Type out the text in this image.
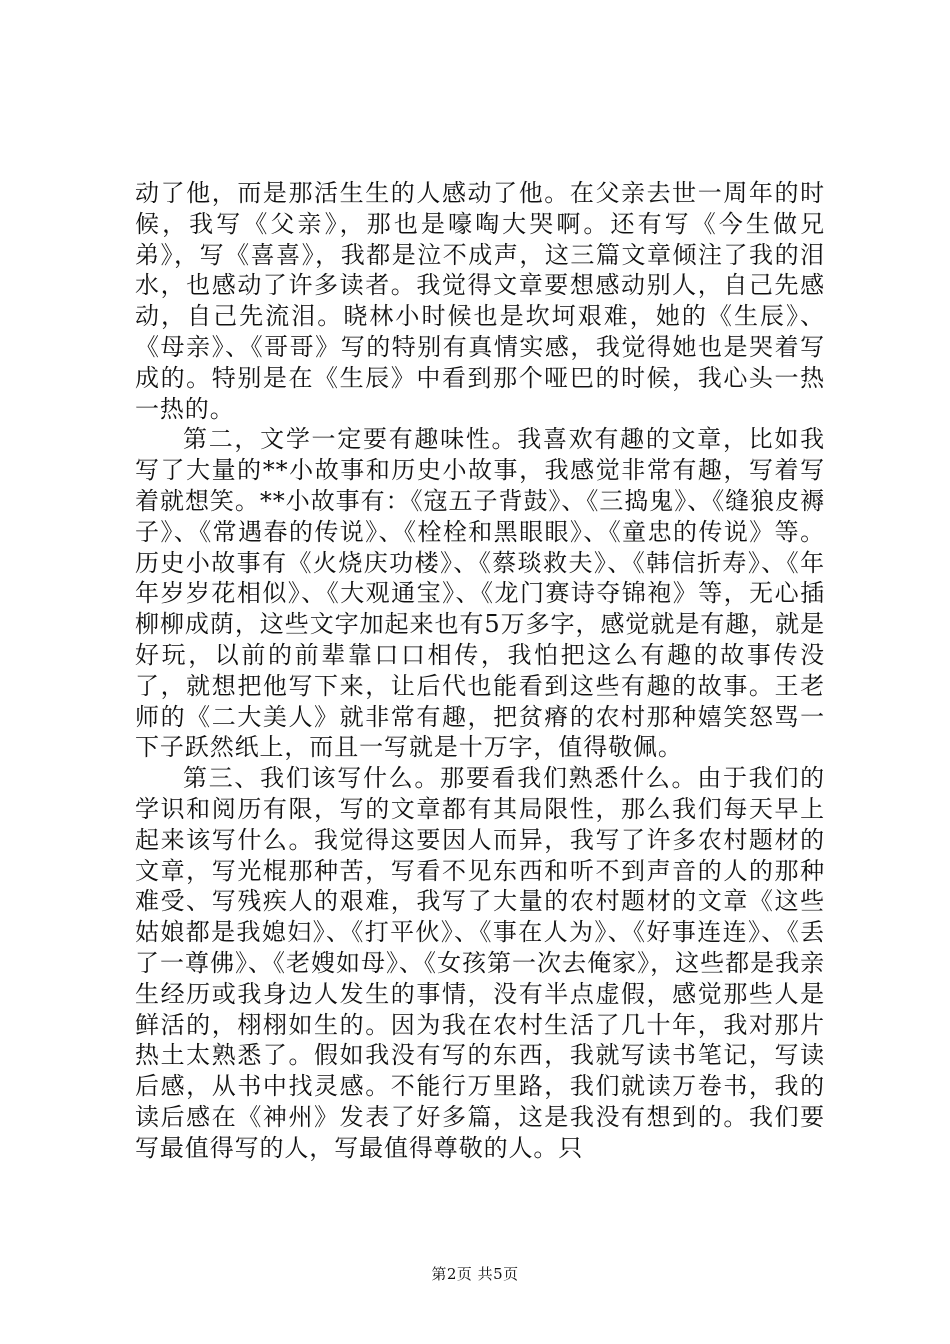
动了他，而是那活生生的人感动了他。在父亲去世一周年的时候，我写《父亲》，那也是嚎啕大哭啊。还有写《今生做兄弟》，写《喜喜》，我都是泣不成声，这三篇文章倾注了我的泪水，也感动了许多读者。我觉得文章要想感动别人，自己先感动，自己先流泪。晓林小时候也是坎坷艰难，她的《生辰》、《母亲》、《哥哥》写的特别有真情实感，我觉得她也是哭着写成的。特别是在《生辰》中看到那个哑巴的时候，我心头一热一热的。

第二，文学一定要有趣味性。我喜欢有趣的文章，比如我写了大量的**小故事和历史小故事，我感觉非常有趣，写着写着就想笑。**小故事有：《寇五子背鼓》、《三捣鬼》、《缝狼皮褥子》、《常遇春的传说》、《栓栓和黑眼眼》、《童忠的传说》等。历史小故事有《火烧庆功楼》、《蔡琰救夫》、《韩信折寿》、《年年岁岁花相似》、《大观通宝》、《龙门赛诗夺锦袍》等，无心插柳柳成荫，这些文字加起来也有5万多字，感觉就是有趣，就是好玩，以前的前辈靠口口相传，我怕把这么有趣的故事传没了，就想把他写下来，让后代也能看到这些有趣的故事。王老师的《二大美人》就非常有趣，把贫瘠的农村那种嬉笑怒骂一下子跃然纸上，而且一写就是十万字，值得敬佩。

第三、我们该写什么。那要看我们熟悉什么。由于我们的学识和阅历有限，写的文章都有其局限性，那么我们每天早上起来该写什么。我觉得这要因人而异，我写了许多农村题材的文章，写光棍那种苦，写看不见东西和听不到声音的人的那种难受、写残疾人的艰难，我写了大量的农村题材的文章《这些姑娘都是我媳妇》、《打平伙》、《事在人为》、《好事连连》、《丢了一尊佛》、《老嫂如母》、《女孩第一次去俺家》，这些都是我亲生经历或我身边人发生的事情，没有半点虚假，感觉那些人是鲜活的，栩栩如生的。因为我在农村生活了几十年，我对那片热土太熟悉了。假如我没有写的东西，我就写读书笔记，写读后感，从书中找灵感。不能行万里路，我们就读万卷书，我的读后感在《神州》发表了好多篇，这是我没有想到的。我们要写最值得写的人，写最值得尊敬的人。只

第2页 共5页
